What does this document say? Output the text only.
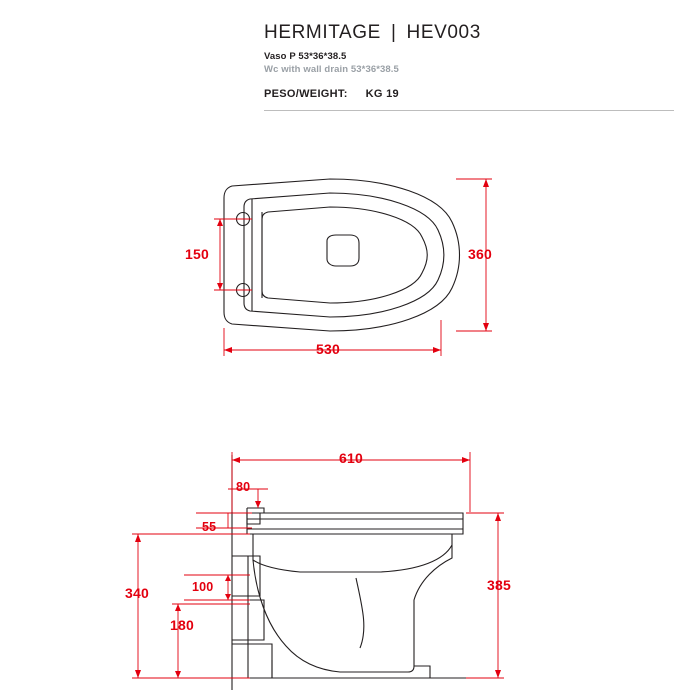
HERMITAGE | HEV003
Vaso P 53*36*38.5
Wc with wall drain 53*36*38.5
PESO/WEIGHT: KG 19
150	360
530
610
80
55
340	100
180
385
